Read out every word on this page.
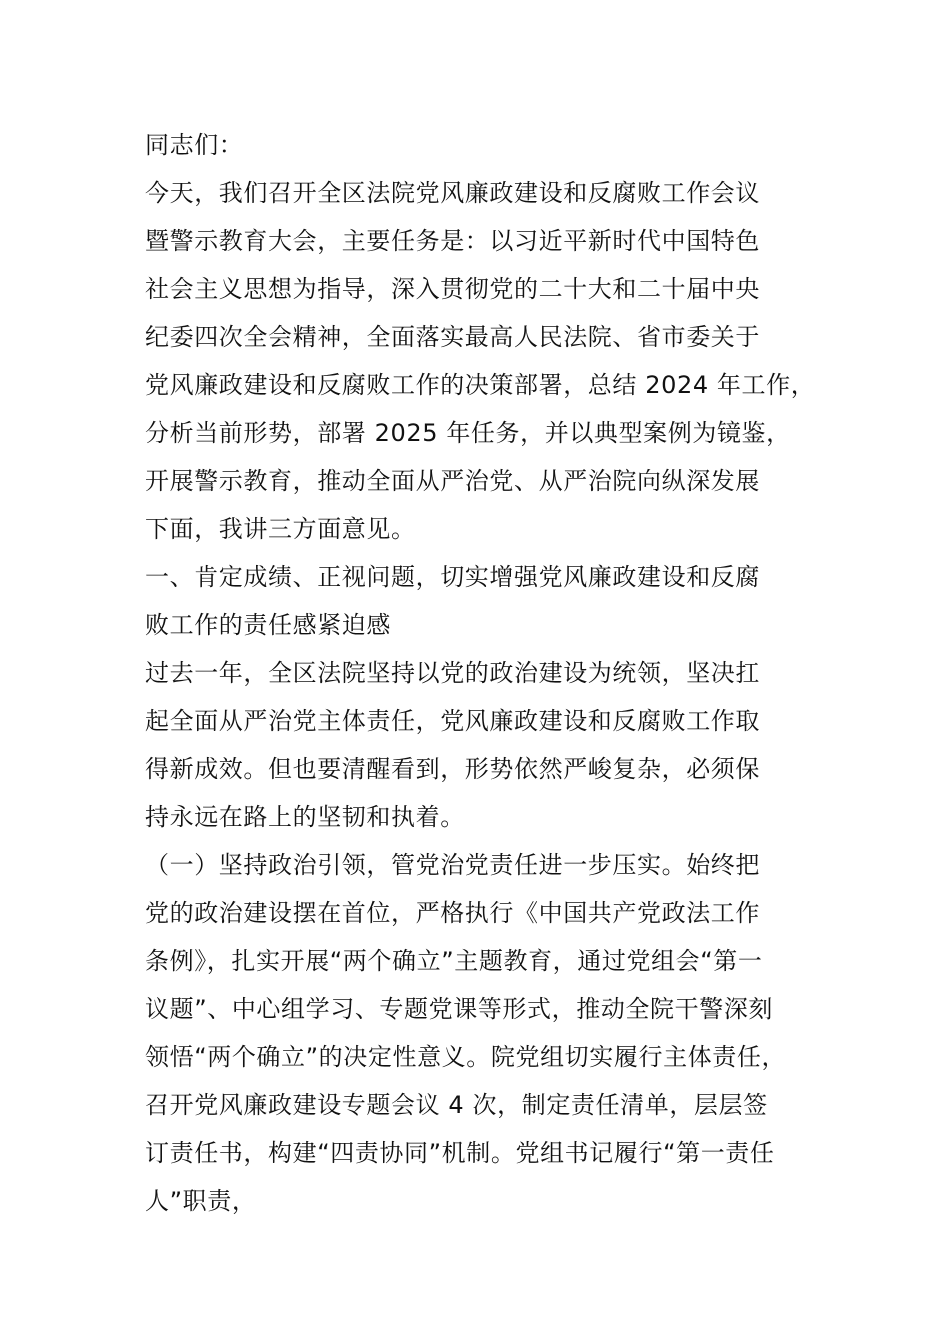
同志们：
今天，我们召开全区法院党风廉政建设和反腐败工作会议
暨警示教育大会，主要任务是：以习近平新时代中国特色
社会主义思想为指导，深入贯彻党的二十大和二十届中央
纪委四次全会精神，全面落实最高人民法院、省市委关于
党风廉政建设和反腐败工作的决策部署，总结 2024 年工作，
分析当前形势，部署 2025 年任务，并以典型案例为镜鉴，
开展警示教育，推动全面从严治党、从严治院向纵深发展
下面，我讲三方面意见。
一、肯定成绩、正视问题，切实增强党风廉政建设和反腐
败工作的责任感紧迫感
过去一年，全区法院坚持以党的政治建设为统领，坚决扛
起全面从严治党主体责任，党风廉政建设和反腐败工作取
得新成效。但也要清醒看到，形势依然严峻复杂，必须保
持永远在路上的坚韧和执着。
（一）坚持政治引领，管党治党责任进一步压实。始终把
党的政治建设摆在首位，严格执行《中国共产党政法工作
条例》，扎实开展“两个确立”主题教育，通过党组会“第一
议题”、中心组学习、专题党课等形式，推动全院干警深刻
领悟“两个确立”的决定性意义。院党组切实履行主体责任，
召开党风廉政建设专题会议 4 次，制定责任清单，层层签
订责任书，构建“四责协同”机制。党组书记履行“第一责任
人”职责，
